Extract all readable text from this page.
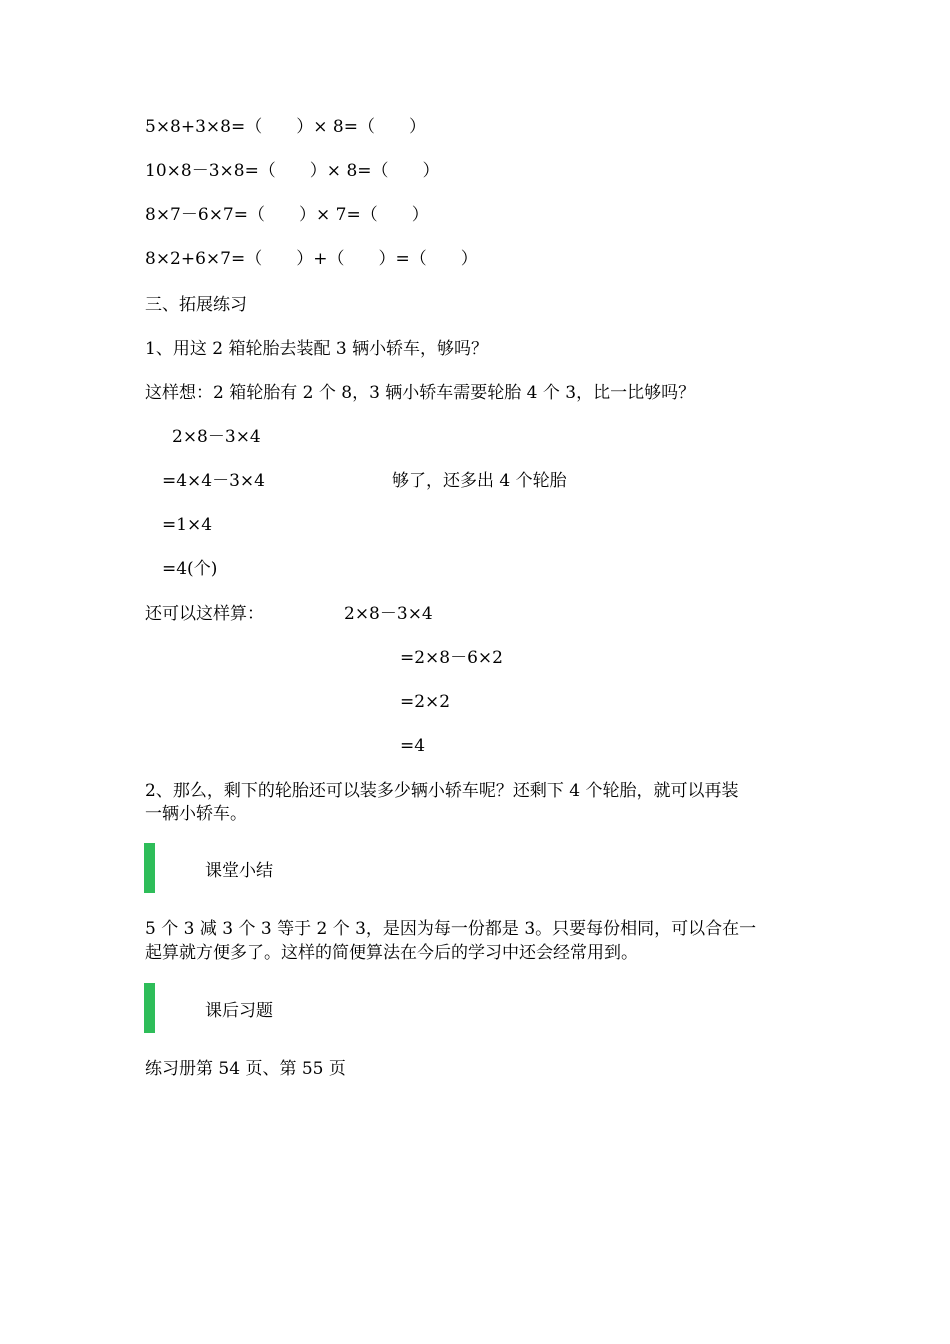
5×8+3×8=（　　）× 8=（　　）
10×8－3×8=（　　）× 8=（　　）
8×7－6×7=（　　）× 7=（　　）
8×2+6×7=（　　）+（　　）=（　　）
三、拓展练习
1、用这 2 箱轮胎去装配 3 辆小轿车，够吗？
这样想：2 箱轮胎有 2 个 8，3 辆小轿车需要轮胎 4 个 3，比一比够吗？
2×8－3×4
=4×4－3×4	够了，还多出 4 个轮胎
=1×4
=4(个)
还可以这样算：	2×8－3×4
=2×8－6×2
=2×2
=4
2、那么，剩下的轮胎还可以装多少辆小轿车呢？还剩下 4 个轮胎，就可以再装
一辆小轿车。
课堂小结
5 个 3 减 3 个 3 等于 2 个 3，是因为每一份都是 3。只要每份相同，可以合在一
起算就方便多了。这样的简便算法在今后的学习中还会经常用到。
课后习题
练习册第 54 页、第 55 页
